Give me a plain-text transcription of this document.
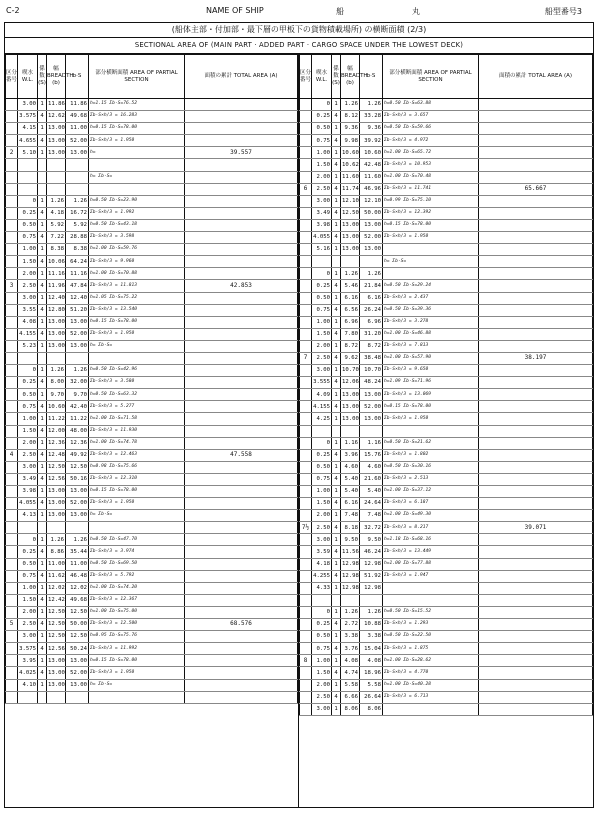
C-2	NAME OF SHIP	船　丸	船型番号3
(船体主部・付加部・最下層の甲板下の貨物積載場所) の横断面積 (2/3)
SECTIONAL AREA OF (MAIN PART · ADDED PART · CARGO SPACE UNDER THE LOWEST DECK)
区分番号	喫水 W.L.	係数 (S)	幅 BREADTH (b)	b·S	部分横断面積 AREA OF PARTIAL SECTION	面積の累計 TOTAL AREA (A)
	3.00	1	11.86	11.86	h=1.15 Σb·S=76.52	
	3.575	4	12.62	49.68	Σb·S×h/3 = 16.283	
	4.15	1	13.00	11.00	h=0.15 Σb·S=78.00	
	4.655	4	13.00	52.00	Σb·S×h/3 = 1.950	
2	5.10	1	13.00	13.00	h=	39.557

					h= Σb·S=	

	0	1	1.26	1.26	h=0.50 Σb·S=23.90	
	0.25	4	4.18	16.72	Σb·S×h/3 = 1.992	
	0.50	1	5.92	5.92	h=0.50 Σb·S=43.18	
	0.75	4	7.22	28.88	Σb·S×h/3 = 3.598	
	1.00	1	8.38	8.38	h=1.00 Σb·S=59.76	
	1.50	4	10.06	64.24	Σb·S×h/3 = 9.960	
	2.00	1	11.16	11.16	h=1.00 Σb·S=70.88	
3	2.50	4	11.96	47.84	Σb·S×h/3 = 11.813	42.853
	3.00	1	12.40	12.40	h=1.05 Σb·S=75.22	
	3.55	4	12.80	51.20	Σb·S×h/3 = 13.540	
	4.08	1	13.00	13.00	h=0.15 Σb·S=78.00	
	4.155	4	13.00	52.00	Σb·S×h/3 = 1.950	
	5.23	1	13.00	13.00	h= Σb·S=	

	0	1	1.26	1.26	h=0.50 Σb·S=42.96	
	0.25	4	8.00	32.00	Σb·S×h/3 = 3.580	
	0.50	1	9.70	9.70	h=0.50 Σb·S=63.32	
	0.75	4	10.60	42.40	Σb·S×h/3 = 5.277	
	1.00	1	11.22	11.22	h=1.00 Σb·S=71.58	
	1.50	4	12.00	48.00	Σb·S×h/3 = 11.930	
	2.00	1	12.36	12.36	h=1.00 Σb·S=74.78	
4	2.50	4	12.48	49.92	Σb·S×h/3 = 12.463	47.558
	3.00	1	12.50	12.50	h=0.98 Σb·S=75.66	
	3.49	4	12.56	50.16	Σb·S×h/3 = 12.310	
	3.98	1	13.00	13.00	h=0.15 Σb·S=78.00	
	4.055	4	13.00	52.00	Σb·S×h/3 = 1.950	
	4.13	1	13.00	13.00	h= Σb·S=	

	0	1	1.26	1.26	h=0.50 Σb·S=47.70	
	0.25	4	8.86	35.44	Σb·S×h/3 = 3.974	
	0.50	1	11.00	11.00	h=0.50 Σb·S=69.50	
	0.75	4	11.62	46.48	Σb·S×h/3 = 5.792	
	1.00	1	12.02	12.02	h=1.00 Σb·S=74.20	
	1.50	4	12.42	49.68	Σb·S×h/3 = 12.367	
	2.00	1	12.50	12.50	h=1.00 Σb·S=75.00	
5	2.50	4	12.50	50.00	Σb·S×h/3 = 12.500	68.576
	3.00	1	12.50	12.50	h=0.95 Σb·S=75.76	
	3.575	4	12.56	50.24	Σb·S×h/3 = 11.992	
	3.95	1	13.00	13.00	h=0.15 Σb·S=78.00	
	4.025	4	13.00	52.00	Σb·S×h/3 = 1.950	
	4.10	1	13.00	13.00	h= Σb·S=	

区分番号	喫水 W.L.	係数 (S)	幅 BREADTH (b)	b·S	部分横断面積 AREA OF PARTIAL SECTION	面積の累計 TOTAL AREA (A)
	0	1	1.26	1.26	h=0.50 Σb·S=63.88	
	0.25	4	8.12	33.28	Σb·S×h/3 = 3.657	
	0.50	1	9.36	9.36	h=0.50 Σb·S=59.66	
	0.75	4	9.98	39.92	Σb·S×h/3 = 4.972	
	1.00	1	10.60	10.60	h=1.00 Σb·S=65.72	
	1.50	4	10.62	42.48	Σb·S×h/3 = 10.953	
	2.00	1	11.60	11.60	h=1.00 Σb·S=70.48	
6	2.50	4	11.74	46.96	Σb·S×h/3 = 11.741	65.667
	3.00	1	12.10	12.10	h=0.99 Σb·S=75.10	
	3.49	4	12.50	50.00	Σb·S×h/3 = 12.392	
	3.98	1	13.00	13.00	h=0.15 Σb·S=78.00	
	4.055	4	13.00	52.00	Σb·S×h/3 = 1.950	
	5.16	1	13.00	13.00		
					h= Σb·S=	
	0	1	1.26	1.26		
	0.25	4	5.46	21.84	h=0.50 Σb·S=29.24	
	0.50	1	6.16	6.16	Σb·S×h/3 = 2.437	
	0.75	4	6.56	26.24	h=0.50 Σb·S=39.36	
	1.00	1	6.96	6.96	Σb·S×h/3 = 3.278	
	1.50	4	7.80	31.20	h=1.00 Σb·S=46.88	
	2.00	1	8.72	8.72	Σb·S×h/3 = 7.813	
7	2.50	4	9.62	38.48	h=1.00 Σb·S=57.90	38.197
	3.00	1	10.70	10.70	Σb·S×h/3 = 9.650	
	3.555	4	12.06	48.24	h=1.09 Σb·S=71.96	
	4.09	1	13.00	13.00	Σb·S×h/3 = 13.069	
	4.155	4	13.00	52.00	h=0.15 Σb·S=78.00	
	4.25	1	13.00	13.00	Σb·S×h/3 = 1.950	

	0	1	1.16	1.16	h=0.50 Σb·S=21.62	
	0.25	4	3.96	15.76	Σb·S×h/3 = 1.802	
	0.50	1	4.60	4.60	h=0.50 Σb·S=30.16	
	0.75	4	5.40	21.60	Σb·S×h/3 = 2.513	
	1.00	1	5.40	5.40	h=1.00 Σb·S=37.12	
	1.50	4	6.16	24.64	Σb·S×h/3 = 6.187	
	2.00	1	7.48	7.48	h=1.00 Σb·S=49.30	
7½	2.50	4	8.18	32.72	Σb·S×h/3 = 8.217	39.071
	3.00	1	9.50	9.50	h=1.18 Σb·S=68.16	
	3.59	4	11.56	46.24	Σb·S×h/3 = 13.449	
	4.18	1	12.98	12.98	h=1.00 Σb·S=77.88	
	4.255	4	12.98	51.92	Σb·S×h/3 = 1.947	
	4.33	1	12.98	12.98		

	0	1	1.26	1.26	h=0.50 Σb·S=15.52	
	0.25	4	2.72	10.88	Σb·S×h/3 = 1.293	
	0.50	1	3.38	3.38	h=0.50 Σb·S=22.50	
	0.75	4	3.76	15.04	Σb·S×h/3 = 1.875	
8	1.00	1	4.08	4.08	h=1.00 Σb·S=28.62	
	1.50	4	4.74	18.96	Σb·S×h/3 = 4.770	
	2.00	1	5.58	5.58	h=1.00 Σb·S=40.28	
	2.50	4	6.66	26.64	Σb·S×h/3 = 6.713	
	3.00	1	8.06	8.06		
